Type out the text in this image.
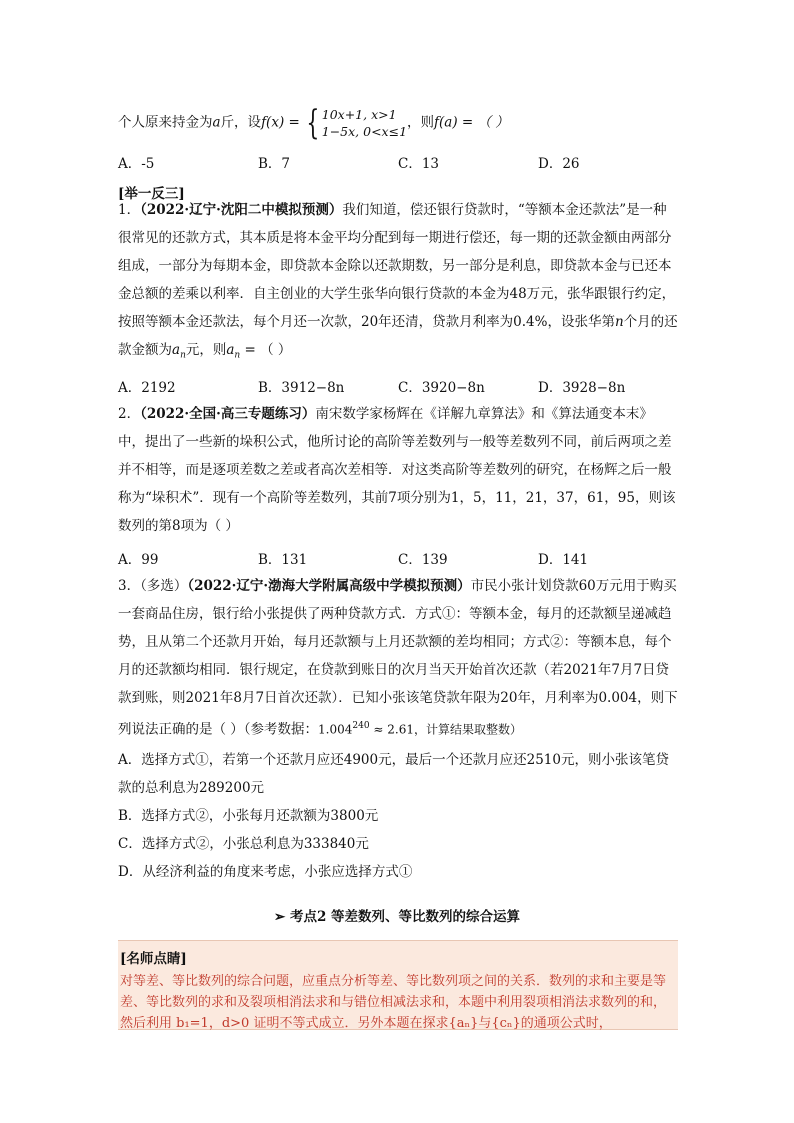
个人原来持金为a斤，设f(x) = { 10x+1, x>1
1−5x, 0<x≤1，则f(a) = （ ）
A．-5	B．7	C．13	D．26
[举一反三]
1．（2022·辽宁·沈阳二中模拟预测）我们知道，偿还银行贷款时，“等额本金还款法”是一种很常见的还款方式，其本质是将本金平均分配到每一期进行偿还，每一期的还款金额由两部分组成，一部分为每期本金，即贷款本金除以还款期数，另一部分是利息，即贷款本金与已还本金总额的差乘以利率．自主创业的大学生张华向银行贷款的本金为48万元，张华跟银行约定，按照等额本金还款法，每个月还一次款，20年还清，贷款月利率为0.4%，设张华第n个月的还款金额为$a_n$元，则$a_n$ = （ ）
A．2192	B．3912−8n	C．3920−8n	D．3928−8n
2．（2022·全国·高三专题练习）南宋数学家杨辉在《详解九章算法》和《算法通变本末》中，提出了一些新的垛积公式，他所讨论的高阶等差数列与一般等差数列不同，前后两项之差并不相等，而是逐项差数之差或者高次差相等．对这类高阶等差数列的研究，在杨辉之后一般称为“垛积术”．现有一个高阶等差数列，其前7项分别为1，5，11，21，37，61，95，则该数列的第8项为（ ）
A．99	B．131	C．139	D．141
3．（多选）（2022·辽宁·渤海大学附属高级中学模拟预测）市民小张计划贷款60万元用于购买一套商品住房，银行给小张提供了两种贷款方式．方式①：等额本金，每月的还款额呈递减趋势，且从第二个还款月开始，每月还款额与上月还款额的差均相同；方式②：等额本息，每个月的还款额均相同．银行规定，在贷款到账日的次月当天开始首次还款（若2021年7月7日贷款到账，则2021年8月7日首次还款）．已知小张该笔贷款年限为20年，月利率为0.004，则下列说法正确的是（ ）（参考数据：$1.004^{240} \approx 2.61$，计算结果取整数）
A．选择方式①，若第一个还款月应还4900元，最后一个还款月应还2510元，则小张该笔贷款的总利息为289200元
B．选择方式②，小张每月还款额为3800元
C．选择方式②，小张总利息为333840元
D．从经济利益的角度来考虑，小张应选择方式①
➢ 考点2 等差数列、等比数列的综合运算
[名师点睛]
对等差、等比数列的综合问题，应重点分析等差、等比数列项之间的关系．数列的求和主要是等差、等比数列的求和及裂项相消法求和与错位相减法求和，本题中利用裂项相消法求数列的和，然后利用 b₁=1，d>0 证明不等式成立．另外本题在探求{aₙ}与{cₙ}的通项公式时，
